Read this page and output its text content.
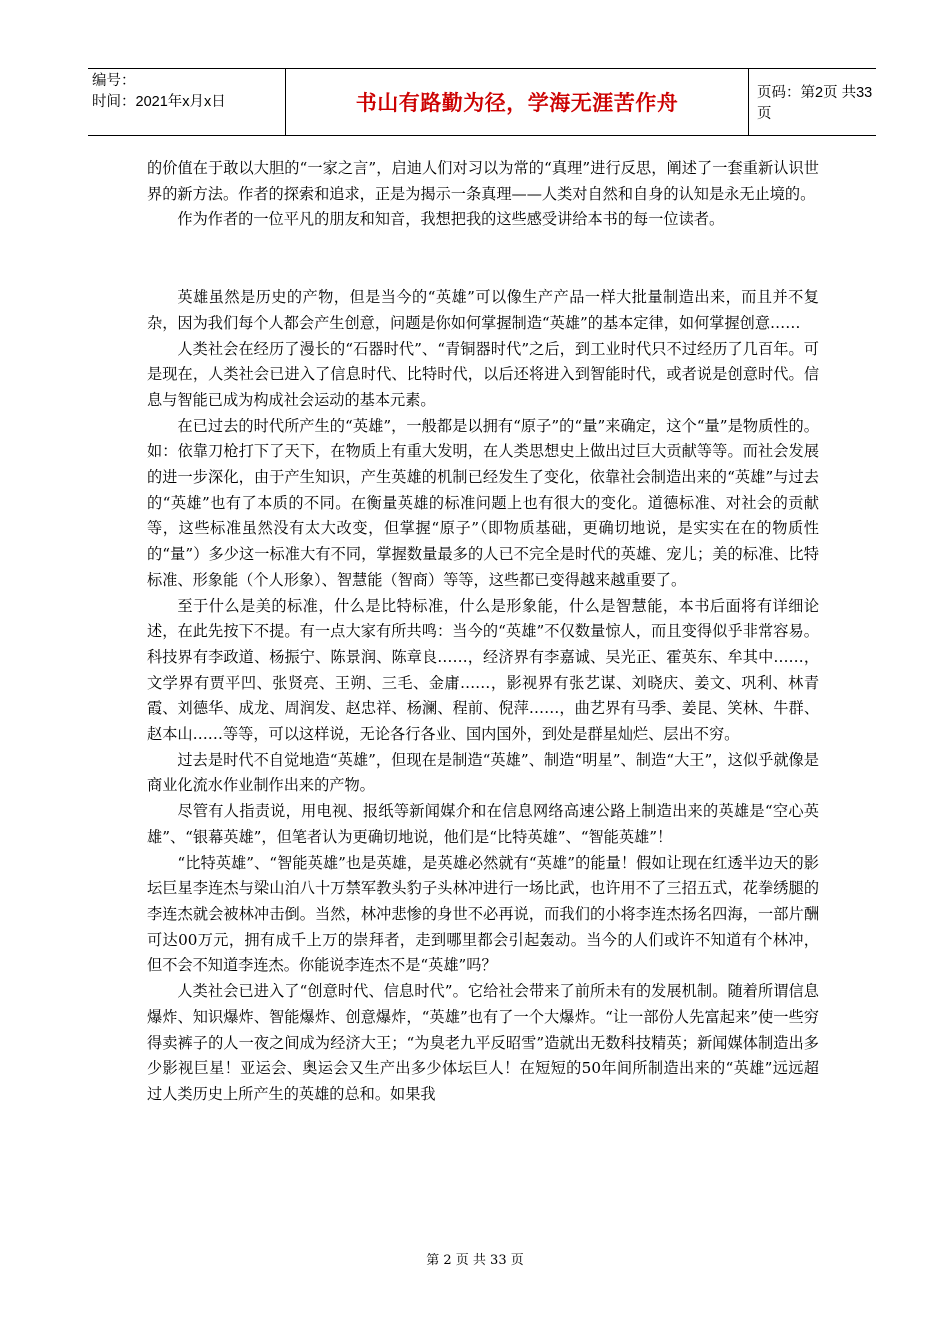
编号：
时间：2021年x月x日	书山有路勤为径，学海无涯苦作舟	页码：第2页 共33页

的价值在于敢以大胆的“一家之言”，启迪人们对习以为常的“真理”进行反思，阐述了一套重新认识世界的新方法。作者的探索和追求，正是为揭示一条真理——人类对自然和自身的认知是永无止境的。

作为作者的一位平凡的朋友和知音，我想把我的这些感受讲给本书的每一位读者。

英雄虽然是历史的产物，但是当今的“英雄”可以像生产产品一样大批量制造出来，而且并不复杂，因为我们每个人都会产生创意，问题是你如何掌握制造“英雄”的基本定律，如何掌握创意……

人类社会在经历了漫长的“石器时代”、“青铜器时代”之后，到工业时代只不过经历了几百年。可是现在，人类社会已进入了信息时代、比特时代，以后还将进入到智能时代，或者说是创意时代。信息与智能已成为构成社会运动的基本元素。

在已过去的时代所产生的“英雄”，一般都是以拥有“原子”的“量”来确定，这个“量”是物质性的。如：依靠刀枪打下了天下，在物质上有重大发明，在人类思想史上做出过巨大贡献等等。而社会发展的进一步深化，由于产生知识，产生英雄的机制已经发生了变化，依靠社会制造出来的“英雄”与过去的“英雄”也有了本质的不同。在衡量英雄的标准问题上也有很大的变化。道德标准、对社会的贡献等，这些标准虽然没有太大改变，但掌握“原子”（即物质基础，更确切地说，是实实在在的物质性的“量”）多少这一标准大有不同，掌握数量最多的人已不完全是时代的英雄、宠儿；美的标准、比特标准、形象能（个人形象）、智慧能（智商）等等，这些都已变得越来越重要了。

至于什么是美的标准，什么是比特标准，什么是形象能，什么是智慧能，本书后面将有详细论述，在此先按下不提。有一点大家有所共鸣：当今的“英雄”不仅数量惊人，而且变得似乎非常容易。科技界有李政道、杨振宁、陈景润、陈章良……，经济界有李嘉诚、吴光正、霍英东、牟其中……，文学界有贾平凹、张贤亮、王朔、三毛、金庸……，影视界有张艺谋、刘晓庆、姜文、巩利、林青霞、刘德华、成龙、周润发、赵忠祥、杨澜、程前、倪萍……，曲艺界有马季、姜昆、笑林、牛群、赵本山……等等，可以这样说，无论各行各业、国内国外，到处是群星灿烂、层出不穷。

过去是时代不自觉地造“英雄”，但现在是制造“英雄”、制造“明星”、制造“大王”，这似乎就像是商业化流水作业制作出来的产物。

尽管有人指责说，用电视、报纸等新闻媒介和在信息网络高速公路上制造出来的英雄是“空心英雄”、“银幕英雄”，但笔者认为更确切地说，他们是“比特英雄”、“智能英雄”！

“比特英雄”、“智能英雄”也是英雄，是英雄必然就有“英雄”的能量！假如让现在红透半边天的影坛巨星李连杰与梁山泊八十万禁军教头豹子头林冲进行一场比武，也许用不了三招五式，花拳绣腿的李连杰就会被林冲击倒。当然，林冲悲惨的身世不必再说，而我们的小将李连杰扬名四海，一部片酬可达00万元，拥有成千上万的崇拜者，走到哪里都会引起轰动。当今的人们或许不知道有个林冲，但不会不知道李连杰。你能说李连杰不是“英雄”吗？

人类社会已进入了“创意时代、信息时代”。它给社会带来了前所未有的发展机制。随着所谓信息爆炸、知识爆炸、智能爆炸、创意爆炸，“英雄”也有了一个大爆炸。“让一部份人先富起来”使一些穷得卖裤子的人一夜之间成为经济大王；“为臭老九平反昭雪”造就出无数科技精英；新闻媒体制造出多少影视巨星！亚运会、奥运会又生产出多少体坛巨人！在短短的50年间所制造出来的“英雄”远远超过人类历史上所产生的英雄的总和。如果我

第 2 页 共 33 页
